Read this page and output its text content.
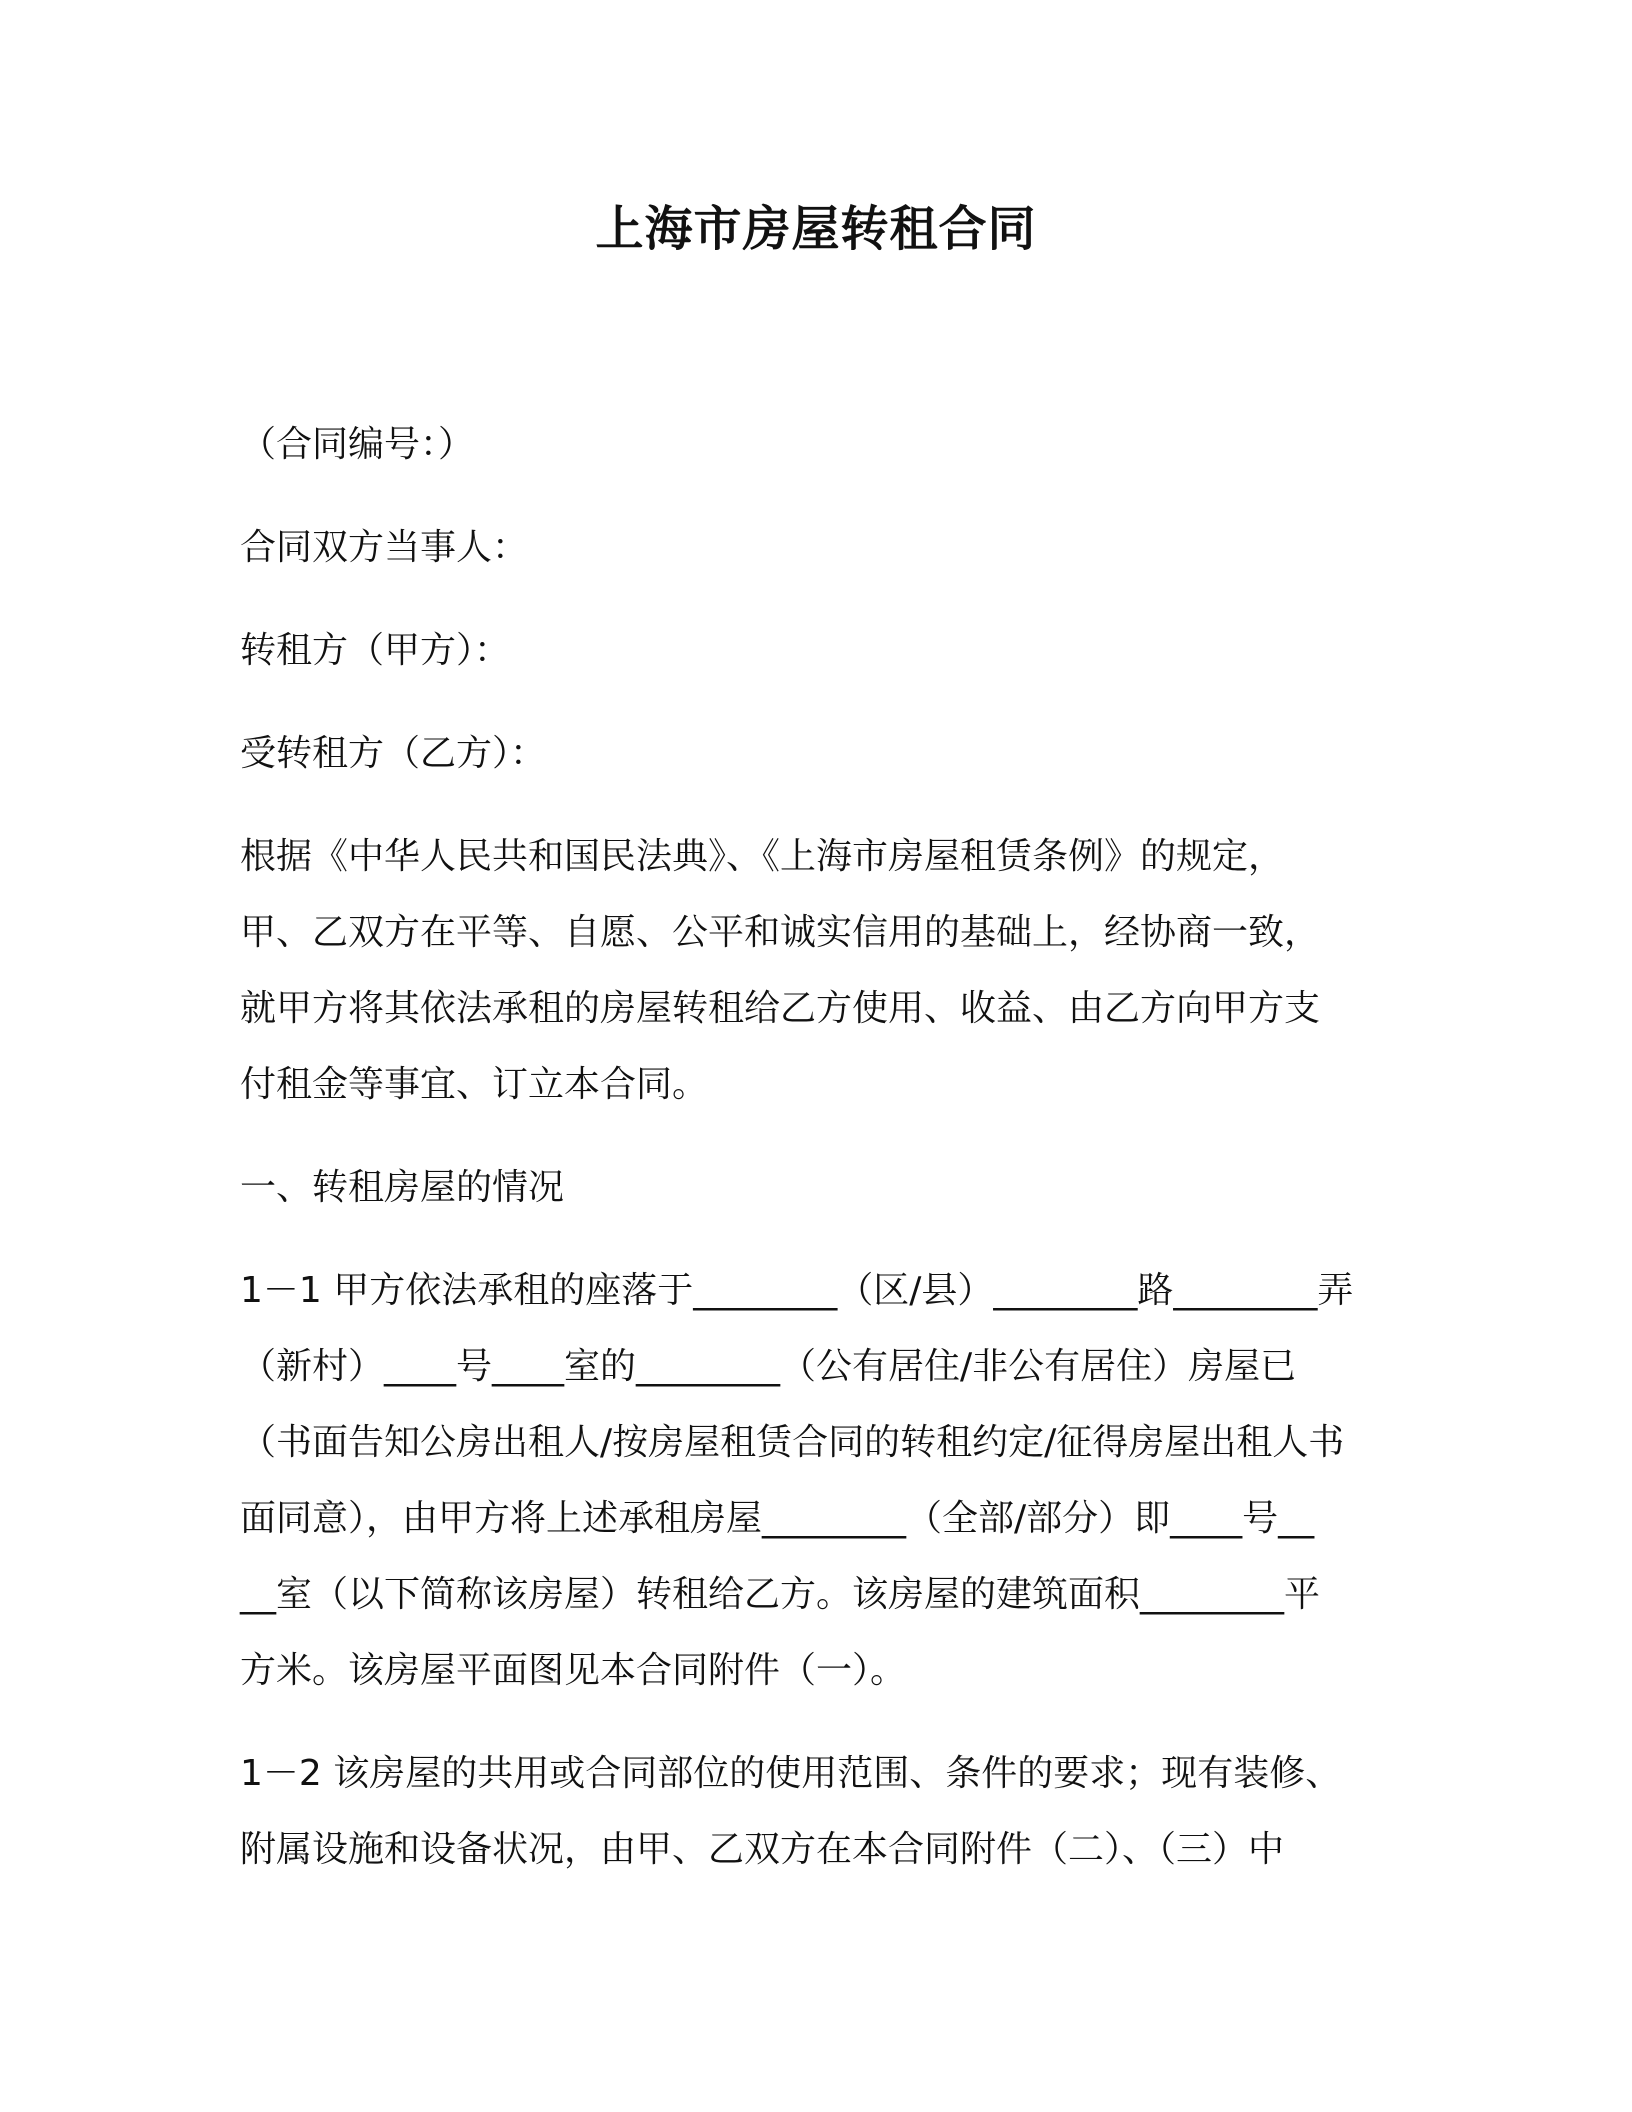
上海市房屋转租合同

（合同编号：）

合同双方当事人：

转租方（甲方）：

受转租方（乙方）：

根据《中华人民共和国民法典》、《上海市房屋租赁条例》的规定，

甲、乙双方在平等、自愿、公平和诚实信用的基础上，经协商一致，

就甲方将其依法承租的房屋转租给乙方使用、收益、由乙方向甲方支

付租金等事宜、订立本合同。

一、转租房屋的情况

1－1 甲方依法承租的座落于________（区/县）________路________弄

（新村）____号____室的________（公有居住/非公有居住）房屋已

（书面告知公房出租人/按房屋租赁合同的转租约定/征得房屋出租人书

面同意），由甲方将上述承租房屋________（全部/部分）即____号__

__室（以下简称该房屋）转租给乙方。该房屋的建筑面积________平

方米。该房屋平面图见本合同附件（一）。

1－2 该房屋的共用或合同部位的使用范围、条件的要求；现有装修、

附属设施和设备状况，由甲、乙双方在本合同附件（二）、（三）中
